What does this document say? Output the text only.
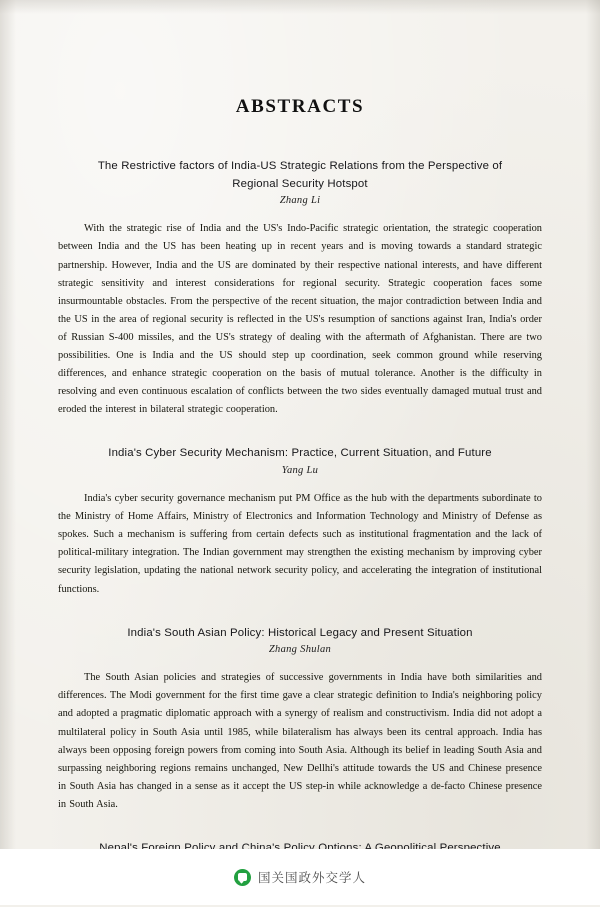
ABSTRACTS

The Restrictive factors of India-US Strategic Relations from the Perspective of Regional Security Hotspot

Zhang Li

With the strategic rise of India and the US's Indo-Pacific strategic orientation, the strategic cooperation between India and the US has been heating up in recent years and is moving towards a standard strategic partnership. However, India and the US are dominated by their respective national interests, and have different strategic sensitivity and interest considerations for regional security. Strategic cooperation faces some insurmountable obstacles. From the perspective of the recent situation, the major contradiction between India and the US in the area of regional security is reflected in the US's resumption of sanctions against Iran, India's order of Russian S-400 missiles, and the US's strategy of dealing with the aftermath of Afghanistan. There are two possibilities. One is India and the US should step up coordination, seek common ground while reserving differences, and enhance strategic cooperation on the basis of mutual tolerance. Another is the difficulty in resolving and even continuous escalation of conflicts between the two sides eventually damaged mutual trust and eroded the interest in bilateral strategic cooperation.

India's Cyber Security Mechanism: Practice, Current Situation, and Future

Yang Lu

India's cyber security governance mechanism put PM Office as the hub with the departments subordinate to the Ministry of Home Affairs, Ministry of Electronics and Information Technology and Ministry of Defense as spokes. Such a mechanism is suffering from certain defects such as institutional fragmentation and the lack of political-military integration. The Indian government may strengthen the existing mechanism by improving cyber security legislation, updating the national network security policy, and accelerating the integration of institutional functions.

India's South Asian Policy: Historical Legacy and Present Situation

Zhang Shulan

The South Asian policies and strategies of successive governments in India have both similarities and differences. The Modi government for the first time gave a clear strategic definition to India's neighboring policy and adopted a pragmatic diplomatic approach with a synergy of realism and constructivism. India did not adopt a multilateral policy in South Asia until 1985, while bilateralism has always been its central approach. India has always been opposing foreign powers from coming into South Asia. Although its belief in leading South Asia and surpassing neighboring regions remains unchanged, New Dellhi's attitude towards the US and Chinese presence in South Asia has changed in a sense as it accept the US step-in while acknowledge a de-facto Chinese presence in South Asia.

国关国政外交学人
